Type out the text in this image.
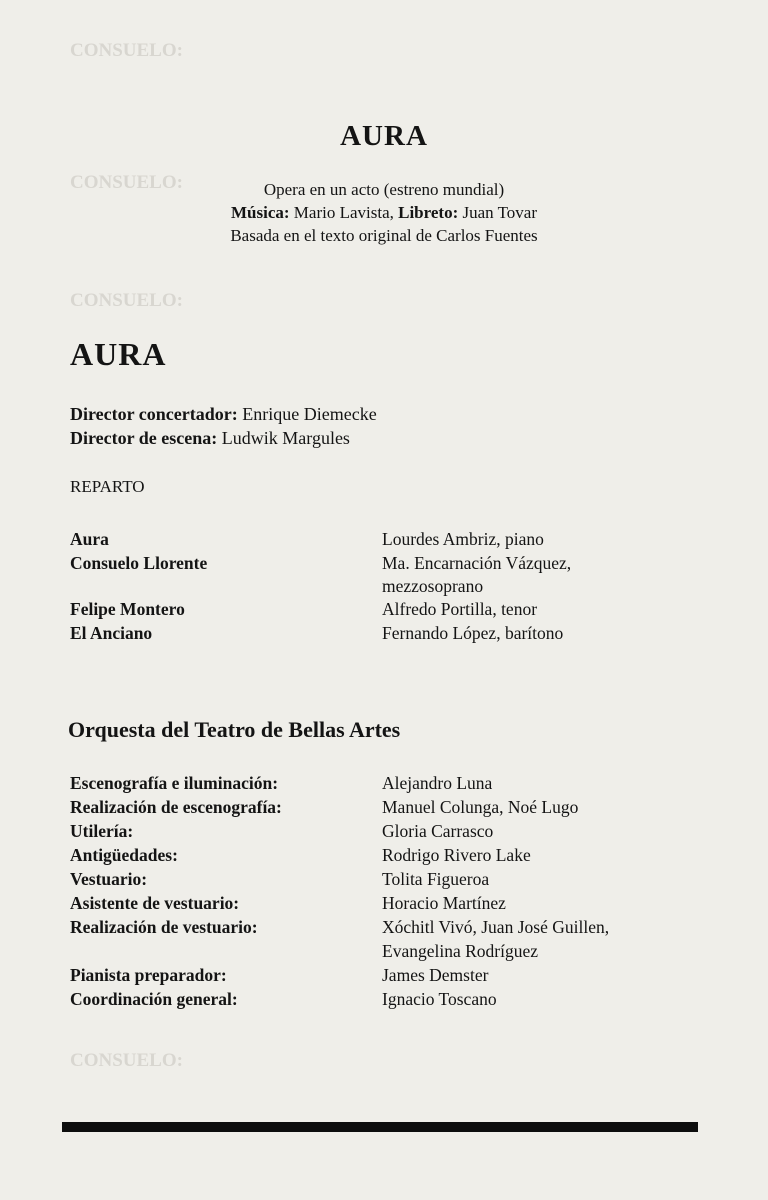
CONSUELO:
CONSUELO:
CONSUELO:
CONSUELO:
AURA
Opera en un acto (estreno mundial)
Música: Mario Lavista, Libreto: Juan Tovar
Basada en el texto original de Carlos Fuentes
AURA
Director concertador: Enrique Diemecke
Director de escena: Ludwik Margules
REPARTO
Aura	Lourdes Ambriz, piano
Consuelo Llorente	Ma. Encarnación Vázquez,
mezzosoprano
Felipe Montero	Alfredo Portilla, tenor
El Anciano	Fernando López, barítono
Orquesta del Teatro de Bellas Artes
Escenografía e iluminación:	Alejandro Luna
Realización de escenografía:	Manuel Colunga, Noé Lugo
Utilería:	Gloria Carrasco
Antigüedades:	Rodrigo Rivero Lake
Vestuario:	Tolita Figueroa
Asistente de vestuario:	Horacio Martínez
Realización de vestuario:	Xóchitl Vivó, Juan José Guillen,
Evangelina Rodríguez
Pianista preparador:	James Demster
Coordinación general:	Ignacio Toscano
